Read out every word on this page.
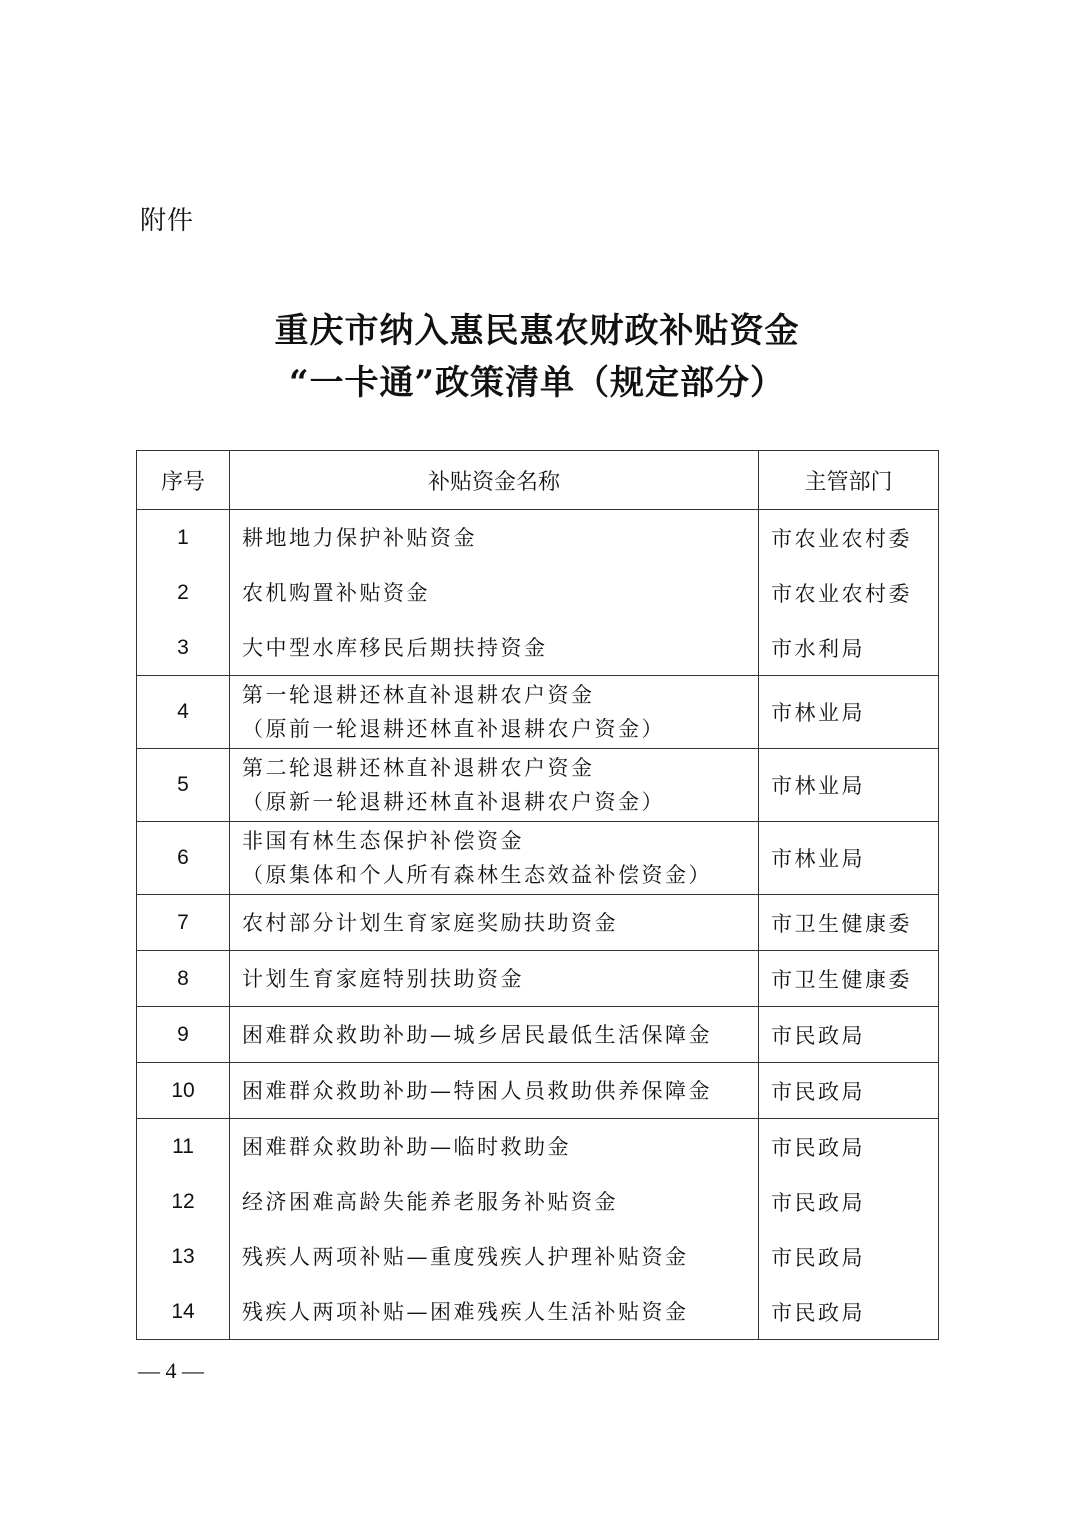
附件
重庆市纳入惠民惠农财政补贴资金
“一卡通”政策清单（规定部分）
序号	补贴资金名称	主管部门
1	耕地地力保护补贴资金	市农业农村委
2	农机购置补贴资金	市农业农村委
3	大中型水库移民后期扶持资金	市水利局
4	第一轮退耕还林直补退耕农户资金
（原前一轮退耕还林直补退耕农户资金）	市林业局
5	第二轮退耕还林直补退耕农户资金
（原新一轮退耕还林直补退耕农户资金）	市林业局
6	非国有林生态保护补偿资金
（原集体和个人所有森林生态效益补偿资金）	市林业局
7	农村部分计划生育家庭奖励扶助资金	市卫生健康委
8	计划生育家庭特别扶助资金	市卫生健康委
9	困难群众救助补助—城乡居民最低生活保障金	市民政局
10	困难群众救助补助—特困人员救助供养保障金	市民政局
11	困难群众救助补助—临时救助金	市民政局
12	经济困难高龄失能养老服务补贴资金	市民政局
13	残疾人两项补贴—重度残疾人护理补贴资金	市民政局
14	残疾人两项补贴—困难残疾人生活补贴资金	市民政局
— 4 —
